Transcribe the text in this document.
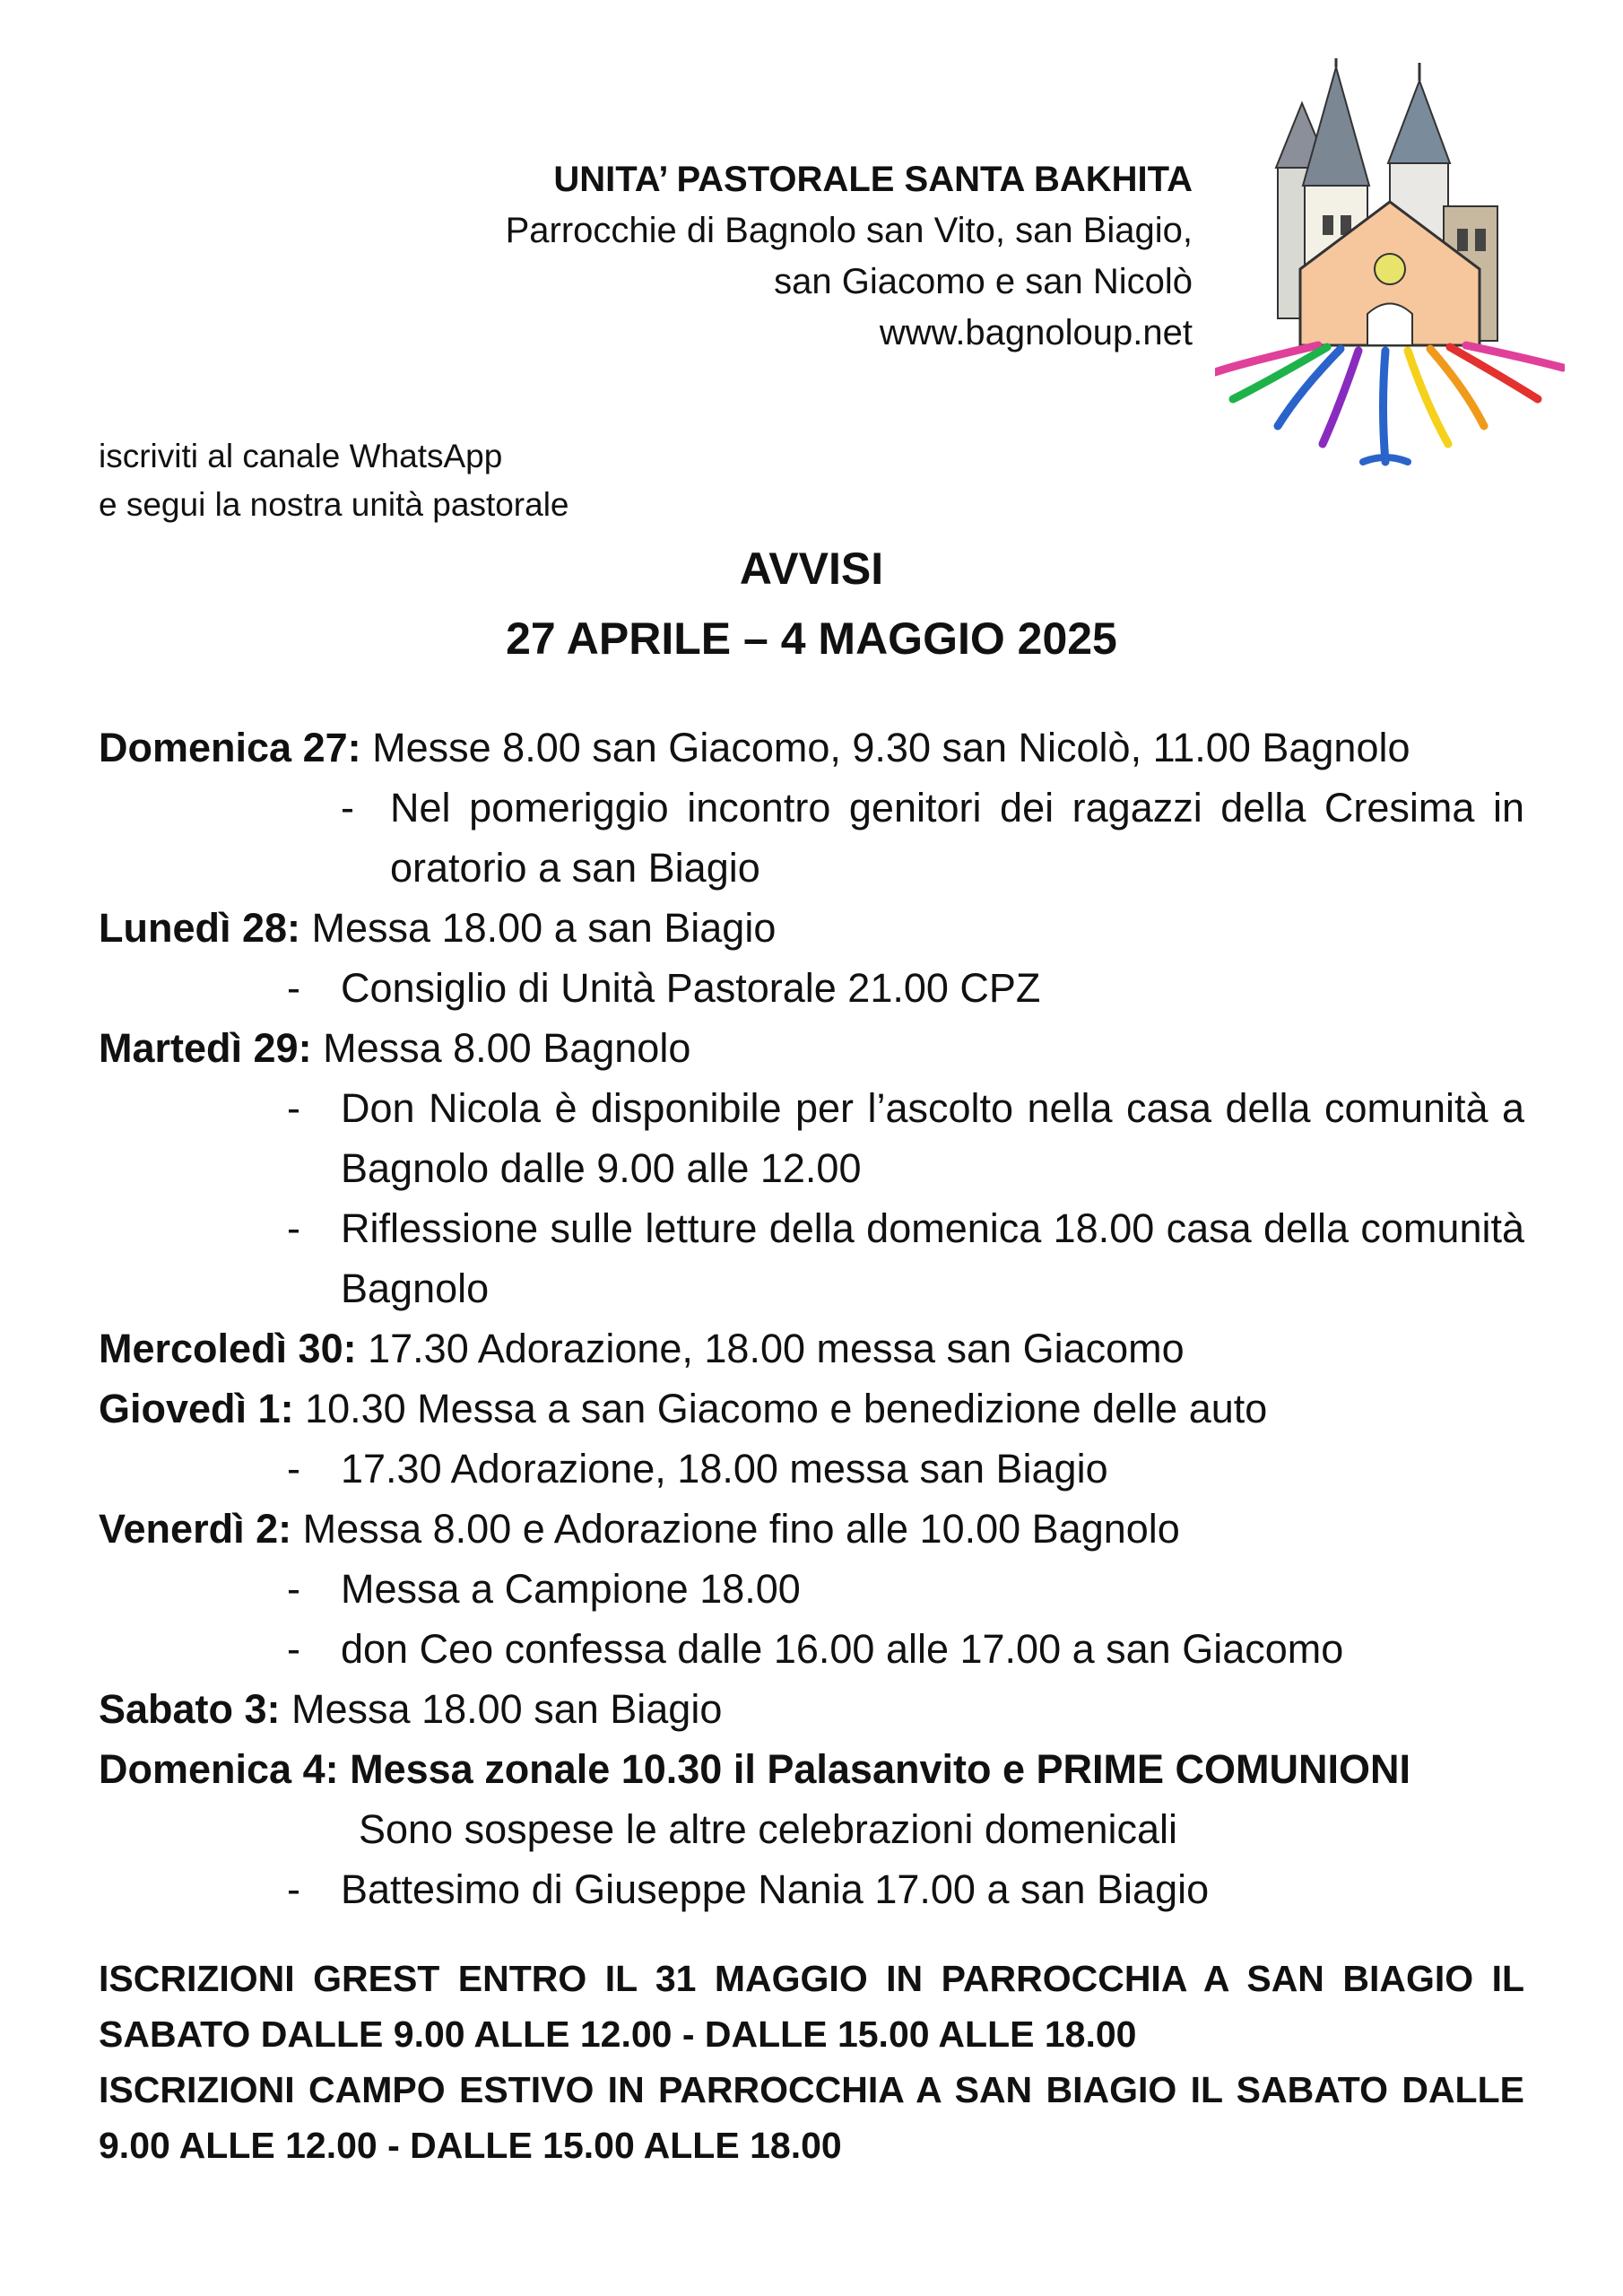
UNITA’ PASTORALE SANTA BAKHITA
Parrocchie di Bagnolo san Vito, san Biagio,
san Giacomo e san Nicolò
www.bagnoloup.net
iscriviti al canale WhatsApp
e segui la nostra unità pastorale
AVVISI
27 APRILE – 4 MAGGIO 2025
Domenica 27: Messe 8.00 san Giacomo, 9.30 san Nicolò, 11.00 Bagnolo
- Nel pomeriggio incontro genitori dei ragazzi della Cresima in oratorio a san Biagio
Lunedì 28: Messa 18.00 a san Biagio
- Consiglio di Unità Pastorale 21.00 CPZ
Martedì 29: Messa 8.00 Bagnolo
- Don Nicola è disponibile per l’ascolto nella casa della comunità a Bagnolo dalle 9.00 alle 12.00
- Riflessione sulle letture della domenica 18.00 casa della comunità Bagnolo
Mercoledì 30: 17.30 Adorazione, 18.00 messa san Giacomo
Giovedì 1: 10.30 Messa a san Giacomo e benedizione delle auto
- 17.30 Adorazione, 18.00 messa san Biagio
Venerdì 2: Messa 8.00 e Adorazione fino alle 10.00 Bagnolo
- Messa a Campione 18.00
- don Ceo confessa dalle 16.00 alle 17.00 a san Giacomo
Sabato 3: Messa 18.00 san Biagio
Domenica 4: Messa zonale 10.30 il Palasanvito e PRIME COMUNIONI
Sono sospese le altre celebrazioni domenicali
- Battesimo di Giuseppe Nania 17.00 a san Biagio

ISCRIZIONI GREST ENTRO IL 31 MAGGIO IN PARROCCHIA A SAN BIAGIO IL SABATO DALLE 9.00 ALLE 12.00 - DALLE 15.00 ALLE 18.00

ISCRIZIONI CAMPO ESTIVO IN PARROCCHIA A SAN BIAGIO IL SABATO DALLE 9.00 ALLE 12.00 - DALLE 15.00 ALLE 18.00
